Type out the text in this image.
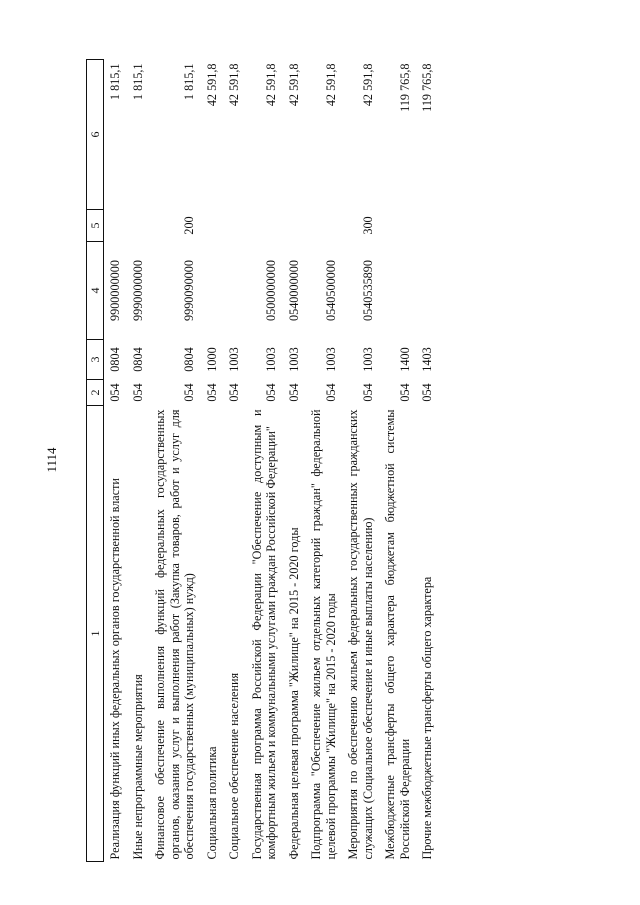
1114
1	2	3	4	5	6
Реализация функций иных федеральных органов государственной власти	054	0804	9900000000		1 815,1
Иные непрограммные мероприятия	054	0804	9990000000		1 815,1
Финансовое обеспечение выполнения функций федеральных государственных органов, оказания услуг и выполнения работ (Закупка товаров, работ и услуг для обеспечения государственных (муниципальных) нужд)	054	0804	9990090000	200	1 815,1
Социальная политика	054	1000			42 591,8
Социальное обеспечение населения	054	1003			42 591,8
Государственная программа Российской Федерации "Обеспечение доступным и комфортным жильем и коммунальными услугами граждан Российской Федерации"	054	1003	0500000000		42 591,8
Федеральная целевая программа "Жилище" на 2015 - 2020 годы	054	1003	0540000000		42 591,8
Подпрограмма "Обеспечение жильем отдельных категорий граждан" федеральной целевой программы "Жилище" на 2015 - 2020 годы	054	1003	0540500000		42 591,8
Мероприятия по обеспечению жильем федеральных государственных гражданских служащих (Социальное обеспечение и иные выплаты населению)	054	1003	0540535890	300	42 591,8
Межбюджетные трансферты общего характера бюджетам бюджетной системы Российской Федерации	054	1400			119 765,8
Прочие межбюджетные трансферты общего характера	054	1403			119 765,8
